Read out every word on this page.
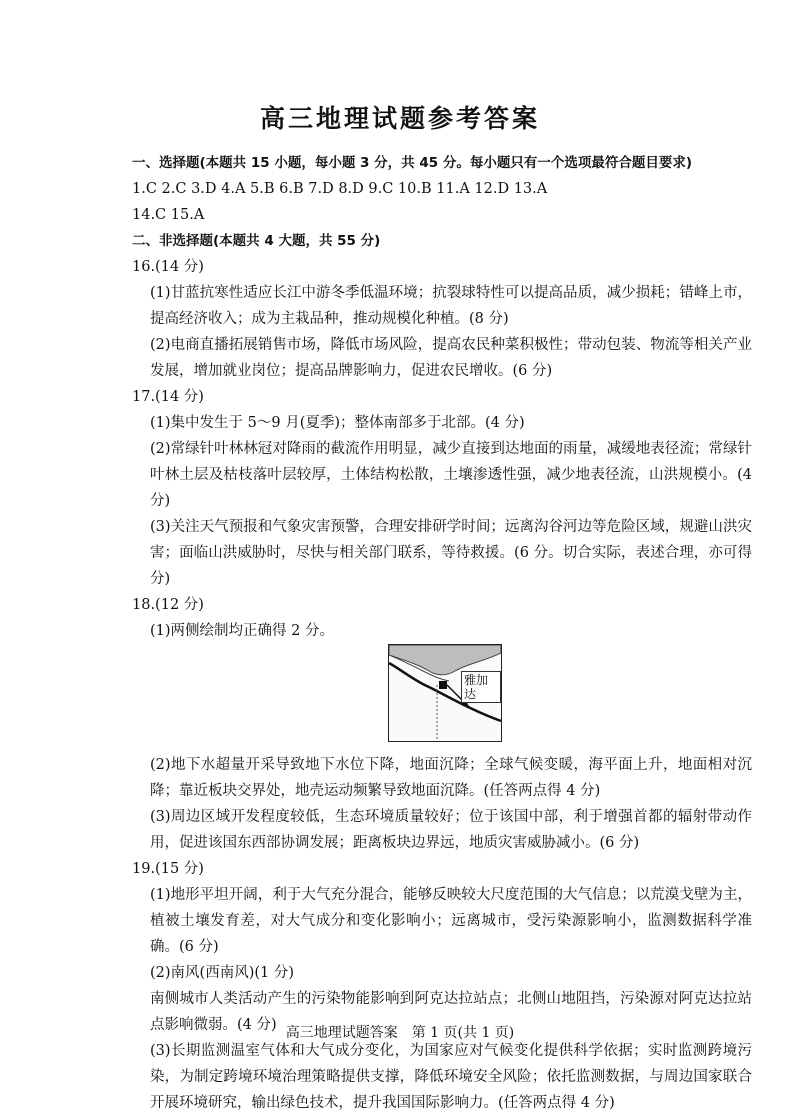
高三地理试题参考答案
一、选择题(本题共 15 小题，每小题 3 分，共 45 分。每小题只有一个选项最符合题目要求)
1.C 2.C 3.D 4.A 5.B 6.B 7.D 8.D 9.C 10.B 11.A 12.D 13.A
14.C 15.A
二、非选择题(本题共 4 大题，共 55 分)
16.(14 分)
(1)甘蓝抗寒性适应长江中游冬季低温环境；抗裂球特性可以提高品质，减少损耗；错峰上市，提高经济收入；成为主栽品种，推动规模化种植。(8 分)
(2)电商直播拓展销售市场，降低市场风险，提高农民种菜积极性；带动包装、物流等相关产业发展，增加就业岗位；提高品牌影响力，促进农民增收。(6 分)
17.(14 分)
(1)集中发生于 5～9 月(夏季)；整体南部多于北部。(4 分)
(2)常绿针叶林林冠对降雨的截流作用明显，减少直接到达地面的雨量，减缓地表径流；常绿针叶林土层及枯枝落叶层较厚，土体结构松散，土壤渗透性强，减少地表径流，山洪规模小。(4 分)
(3)关注天气预报和气象灾害预警，合理安排研学时间；远离沟谷河边等危险区域，规避山洪灾害；面临山洪威胁时，尽快与相关部门联系，等待救援。(6 分。切合实际，表述合理，亦可得分)
18.(12 分)
(1)两侧绘制均正确得 2 分。
雅加达
(2)地下水超量开采导致地下水位下降，地面沉降；全球气候变暖，海平面上升，地面相对沉降；靠近板块交界处，地壳运动频繁导致地面沉降。(任答两点得 4 分)
(3)周边区域开发程度较低，生态环境质量较好；位于该国中部，利于增强首都的辐射带动作用，促进该国东西部协调发展；距离板块边界远，地质灾害威胁减小。(6 分)
19.(15 分)
(1)地形平坦开阔，利于大气充分混合，能够反映较大尺度范围的大气信息；以荒漠戈壁为主，植被土壤发育差，对大气成分和变化影响小；远离城市，受污染源影响小，监测数据科学准确。(6 分)
(2)南风(西南风)(1 分)
南侧城市人类活动产生的污染物能影响到阿克达拉站点；北侧山地阻挡，污染源对阿克达拉站点影响微弱。(4 分)
(3)长期监测温室气体和大气成分变化，为国家应对气候变化提供科学依据；实时监测跨境污染，为制定跨境环境治理策略提供支撑，降低环境安全风险；依托监测数据，与周边国家联合开展环境研究，输出绿色技术，提升我国国际影响力。(任答两点得 4 分)
高三地理试题答案　第 1 页(共 1 页)
